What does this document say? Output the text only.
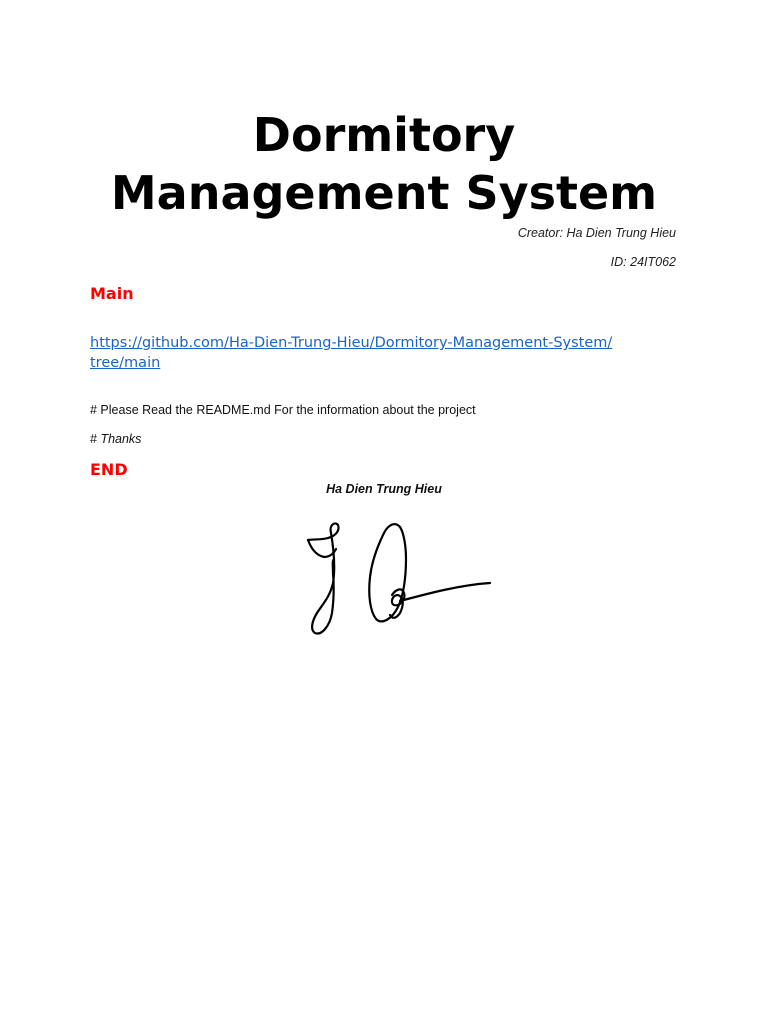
Dormitory
Management System
Creator: Ha Dien Trung Hieu
ID: 24IT062
Main
https://github.com/Ha-Dien-Trung-Hieu/Dormitory-Management-System/
tree/main
# Please Read the README.md For the information about the project
# Thanks
END
Ha Dien Trung Hieu
